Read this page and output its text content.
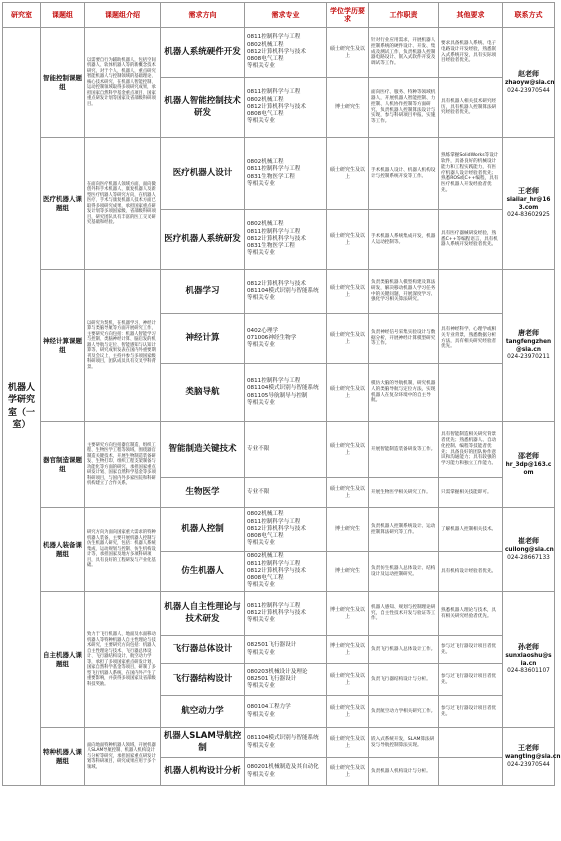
研究室	课题组	课题组介绍	需求方向	需求专业	学位学历要求	工作职责	其他要求	联系方式
机器人学研究室（一室）	智能控制课题组	以需要自行为辅助机器人，包括空间机器人、软体机器人等的新概念技术研究，对于个人，机器人，重点研究智能机器人与控制领域的基础理论、核心技术研究，在机器人智能控制、运动控制领域取得多项研究成果，承担国家自然科学基金重点项目、国家重点研发计划等国家及省部级科研项目。	机器人系统硬件开发	0811控制科学与工程
0802机械工程
0812计算机科学与技术
0808电气工程
等相关专业	硕士研究生及以上	针对行业应用需求，开展机器人控制系统的硬件设计、开发、集成及测试工作，负责机器人控制器电路设计、嵌入式软件开发及调试等工作。	要求具备机器人系统、电子电路设计开发经验，熟悉嵌入式系统开发，具有实际项目经验者优先。	赵老师
zhaoyw@sia.cn
024-23970544
			机器人智能控制技术研发	0811控制科学与工程
0802机械工程
0812计算机科学与技术
0808电气工程
等相关专业	博士研究生	面向医疗、服务、特种等领域机器人，开展机器人智能控制、力控制、人机协作控制等方面研究，负责机器人控制算法设计与实现，参与科研项目申报、实施等工作。	具有机器人相关技术研究经历，具有机器人控制算法研究经验者优先。	
	医疗机器人课题组	在面向医疗机器人领域方面，面向微创外科手术机器人、康复机器人及新型医疗机器人等研究方向，在机器人医疗、手术与康复机器人技术方面已取得多项研究成果，承担国家重点研发计划等多项国家级、省部级科研项目，研究团队具有丰富的医工交叉研究基础和经验。	医疗机器人设计	0802机械工程
0811控制科学与工程
0831生物医学工程
等相关专业	硕士研究生及以上	手术机器人设计、机器人机构设计与控制系统开发等工作。	熟练掌握SolidWorks等设计软件，具备良好的机械设计能力和工程实践能力，有医疗机器人设计经验者优先；熟悉ROS或C++编程，具有医疗机器人开发经验者优先。	王老师
siaiiar_hr@163.com
024-83602925
			医疗机器人系统研发	0802机械工程
0811控制科学与工程
0812计算机科学与技术
0831生物医学工程
等相关专业	硕士研究生及以上	手术机器人系统集成开发，机器人运动控制等。	具有医疗器械研发经验，熟悉C++等编程语言，具有机器人系统开发经验者优先。	
	神经计算课题组	以研究为契机，在机器学习、神经计算与类脑导航等方面开展研究工作，主要研究方向包括：机器人智能学习与控制、类脑神经计算、脑启发的机器人导航与定位、智能感知与认知计算等，研究成果发表在国内外重要期刊及会议上，主持并参与多项国家级科研项目，团队成员具有交叉学科背景。	机器学习	0812计算机科学与技术
081104模式识别与智能系统
等相关专业	硕士研究生及以上	负责类脑机器人模型构建及算法研发，解决移动机器人学习任务中的关键问题，开展深度学习、强化学习相关算法研究。		唐老师
tangfengzhen@sia.cn
024-23970211
			神经计算	0402心理学
071006神经生物学
等相关专业	硕士研究生及以上	负责神经信号采集实验设计与数据分析，开展神经计算模型研究等工作。	具有神经科学、心理学或相关专业背景，熟悉数据分析方法，具有相关研究经验者优先。	
			类脑导航	0811控制科学与工程
081104模式识别与智能系统
081105导航制导与控制
等相关专业	硕士研究生及以上	模仿大脑的导航机制，研究机器人的类脑导航与定位方法，实现机器人在复杂环境中的自主导航。		
	器官制造课题组	主要研究方向包括器官制造、组织工程、生物医学工程等领域，围绕器官制造关键技术，开展生物制造装备研发、生物打印、组织工程支架制备与功能化等方面的研究，承担国家重点研发计划、国家自然科学基金等多项科研项目，与国内外多家医院和科研机构建立了合作关系。	智能制造关键技术	专业不限	硕士研究生及以上	开展智能制造装备研发等工作。	具有智能制造相关研究背景者优先；熟悉机器人、自动化控制、编程等技能者优先；具备良好的团队协作意识和沟通能力；具有较强的学习能力和独立工作能力。	邵老师
hr_3dp@163.com

			生物医学	专业不限	硕士研究生及以上	开展生物医学相关研究工作。	只需掌握相关技能即可。	
	机器人装备课题组	研究方向为面向国家重大需求的特种机器人装备，主要开展机器人控制与仿生机器人研究，包括：机器人系统集成、运动规划与控制、仿生机构设计等，承担国家及地方多项科研项目，具有良好的工程研发与产业化基础。	机器人控制	0802机械工程
0811控制科学与工程
0812计算机科学与技术
0808电气工程
等相关专业	博士研究生	负责机器人控制系统设计、运动控制算法研究等工作。	了解机器人控制相关技术。	崔老师
cuilong@sia.cn
024-28667133
			仿生机器人	0802机械工程
0811控制科学与工程
0812计算机科学与技术
0808电气工程
等相关专业	博士研究生	负责仿生机器人总体设计、结构设计及运动控制研究。	具有机构设计经验者优先。	
	自主机器人课题组	致力于飞行机器人、地面及水面移动机器人等特种机器人自主性理论与技术研究，主要研究方向包括：机器人自主性理论与技术、飞行器总体设计、飞行器结构设计、航空动力学等，承担了多项国家重点研发计划、国家自然科学基金等项目，研制了多型飞行机器人系统，在国内外产生了重要影响，并获得多项国家及省部级科技奖励。	机器人自主性理论与技术研发	0811控制科学与工程
0812计算机科学与技术
等相关专业	博士研究生及以上	机器人感知、规划与控制理论研究，自主性技术开发与验证等工作。	熟悉机器人理论与技术，具有相关研究经验者优先。	孙老师
sunxiaoshu@sia.cn
024-83601107
			飞行器总体设计	082501飞行器设计
等相关专业	博士研究生及以上	负责飞行机器人总体设计工作。	参与过飞行器设计项目者优先。	
			飞行器结构设计	080203机械设计及理论
082501飞行器设计
等相关专业	硕士研究生及以上	负责飞行器结构设计与分析。	参与过飞行器设计项目者优先。	
			航空动力学	080104工程力学
等相关专业	硕士研究生及以上	负责航空动力学相关研究工作。	参与过飞行器设计项目者优先。	
	特种机器人课题组	面向地面特种机器人领域，开展机器人SLAM导航控制、机器人机构设计与分析等研究，承担国家重点研发计划等科研项目，研究成果应用于多个领域。	机器人SLAM导航控制	081104模式识别与智能系统
等相关专业	硕士研究生及以上	嵌入式系统开发，SLAM算法研发与导航控制算法实现。		王老师
wangting@sia.cn
024-23970544
			机器人机构设计分析	080201机械制造及其自动化
等相关专业	硕士研究生及以上	负责机器人机构设计与分析。		
